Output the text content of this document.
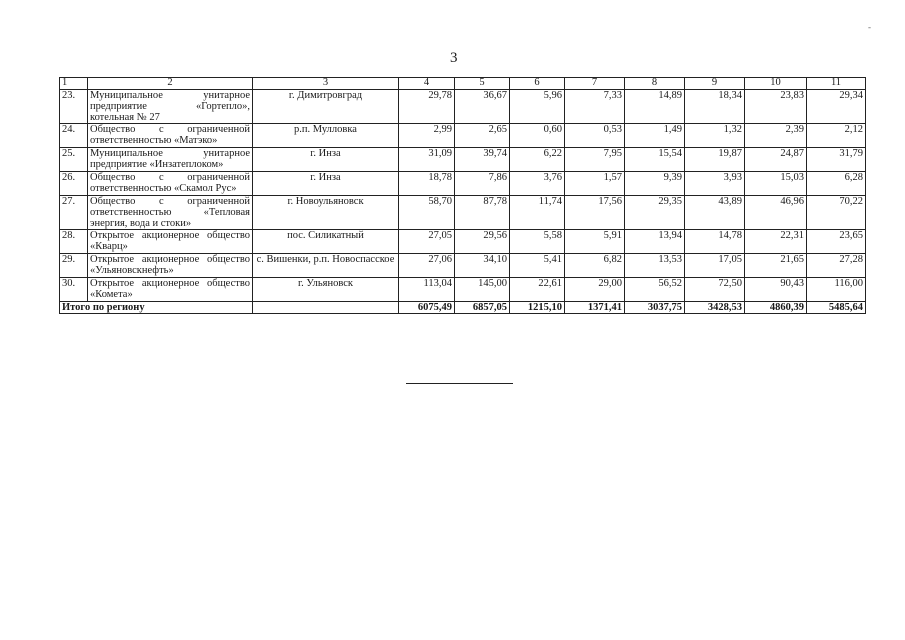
3
-
1	2	3	4	5	6	7	8	9	10	11
23.	Муниципальное унитарное предприятие «Гортепло», котельная № 27	г. Димитровград	29,78	36,67	5,96	7,33	14,89	18,34	23,83	29,34
24.	Общество с ограниченной ответственностью «Матэко»	р.п. Мулловка	2,99	2,65	0,60	0,53	1,49	1,32	2,39	2,12
25.	Муниципальное унитарное предприятие «Инзатеплоком»	г. Инза	31,09	39,74	6,22	7,95	15,54	19,87	24,87	31,79
26.	Общество с ограниченной ответственностью «Скамол Рус»	г. Инза	18,78	7,86	3,76	1,57	9,39	3,93	15,03	6,28
27.	Общество с ограниченной ответственностью «Тепловая энергия, вода и стоки»	г. Новоульяновск	58,70	87,78	11,74	17,56	29,35	43,89	46,96	70,22
28.	Открытое акционерное общество «Кварц»	пос. Силикатный	27,05	29,56	5,58	5,91	13,94	14,78	22,31	23,65
29.	Открытое акционерное общество «Ульяновскнефть»	с. Вишенки, р.п. Новоспасское	27,06	34,10	5,41	6,82	13,53	17,05	21,65	27,28
30.	Открытое акционерное общество «Комета»	г. Ульяновск	113,04	145,00	22,61	29,00	56,52	72,50	90,43	116,00
Итого по региону			6075,49	6857,05	1215,10	1371,41	3037,75	3428,53	4860,39	5485,64
